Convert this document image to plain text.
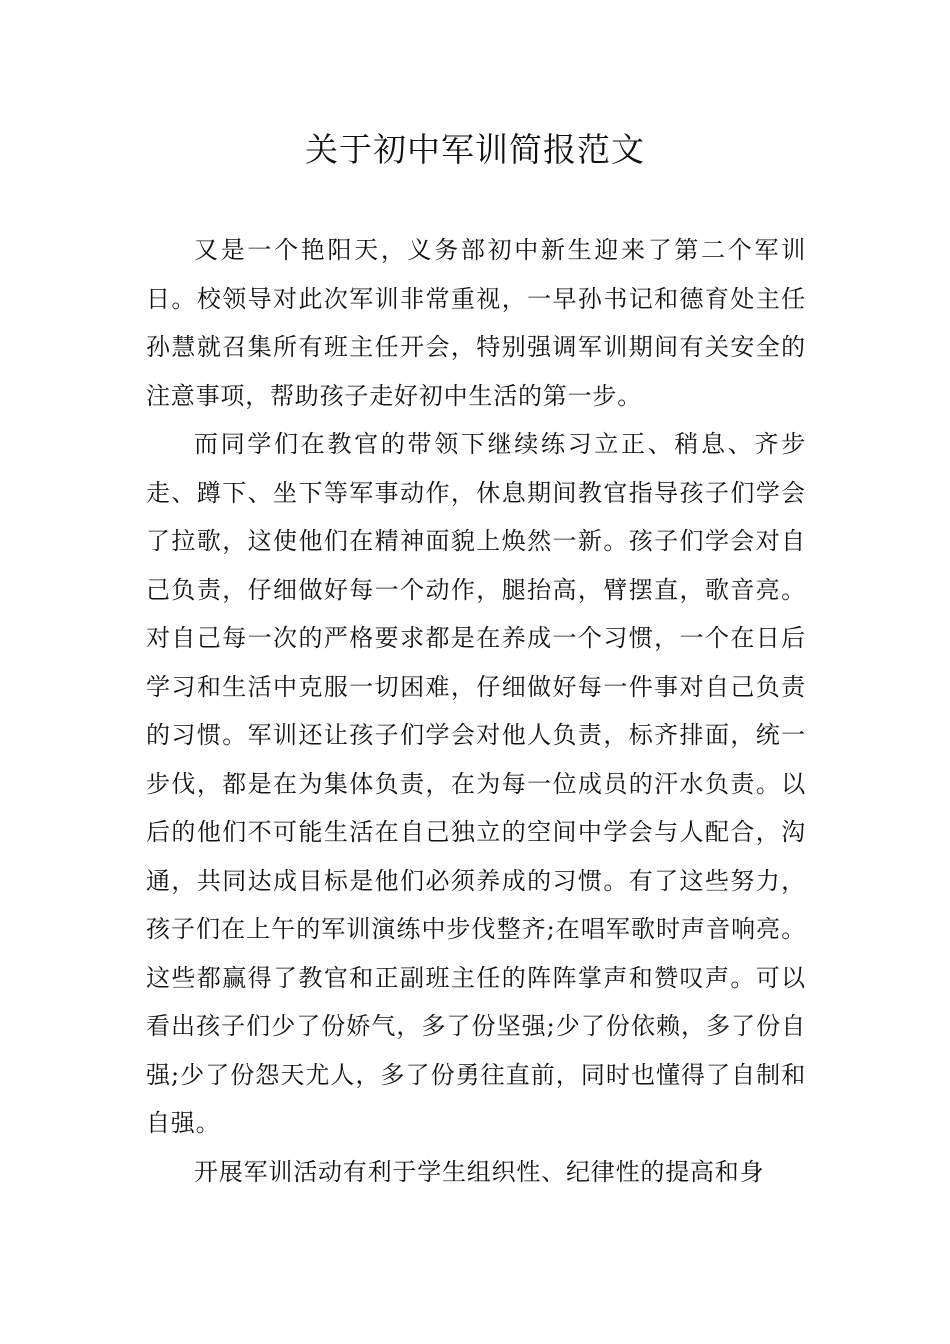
关于初中军训简报范文

又是一个艳阳天，义务部初中新生迎来了第二个军训日。校领导对此次军训非常重视，一早孙书记和德育处主任孙慧就召集所有班主任开会，特别强调军训期间有关安全的注意事项，帮助孩子走好初中生活的第一步。

而同学们在教官的带领下继续练习立正、稍息、齐步走、蹲下、坐下等军事动作，休息期间教官指导孩子们学会了拉歌，这使他们在精神面貌上焕然一新。孩子们学会对自己负责，仔细做好每一个动作，腿抬高，臂摆直，歌音亮。对自己每一次的严格要求都是在养成一个习惯，一个在日后学习和生活中克服一切困难，仔细做好每一件事对自己负责的习惯。军训还让孩子们学会对他人负责，标齐排面，统一步伐，都是在为集体负责，在为每一位成员的汗水负责。以后的他们不可能生活在自己独立的空间中学会与人配合，沟通，共同达成目标是他们必须养成的习惯。有了这些努力，孩子们在上午的军训演练中步伐整齐;在唱军歌时声音响亮。这些都赢得了教官和正副班主任的阵阵掌声和赞叹声。可以看出孩子们少了份娇气，多了份坚强;少了份依赖，多了份自强;少了份怨天尤人，多了份勇往直前，同时也懂得了自制和自强。

开展军训活动有利于学生组织性、纪律性的提高和身
